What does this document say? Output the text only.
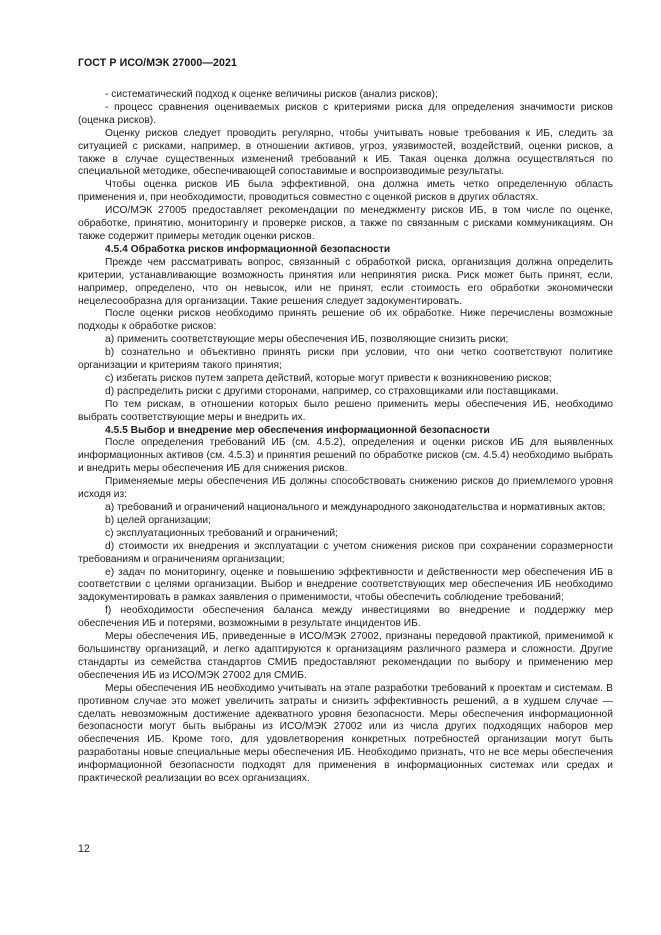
ГОСТ Р ИСО/МЭК 27000—2021

- систематический подход к оценке величины рисков (анализ рисков);

- процесс сравнения оцениваемых рисков с критериями риска для определения значимости рисков (оценка рисков).

Оценку рисков следует проводить регулярно, чтобы учитывать новые требования к ИБ, следить за ситуацией с рисками, например, в отношении активов, угроз, уязвимостей, воздействий, оценки рисков, а также в случае существенных изменений требований к ИБ. Такая оценка должна осуществляться по специальной методике, обеспечивающей сопоставимые и воспроизводимые результаты.

Чтобы оценка рисков ИБ была эффективной, она должна иметь четко определенную область применения и, при необходимости, проводиться совместно с оценкой рисков в других областях.

ИСО/МЭК 27005 предоставляет рекомендации по менеджменту рисков ИБ, в том числе по оценке, обработке, принятию, мониторингу и проверке рисков, а также по связанным с рисками коммуникациям. Он также содержит примеры методик оценки рисков.

4.5.4 Обработка рисков информационной безопасности

Прежде чем рассматривать вопрос, связанный с обработкой риска, организация должна определить критерии, устанавливающие возможность принятия или непринятия риска. Риск может быть принят, если, например, определено, что он невысок, или не принят, если стоимость его обработки экономически нецелесообразна для организации. Такие решения следует задокументировать.

После оценки рисков необходимо принять решение об их обработке. Ниже перечислены возможные подходы к обработке рисков:

a) применить соответствующие меры обеспечения ИБ, позволяющие снизить риски;

b) сознательно и объективно принять риски при условии, что они четко соответствуют политике организации и критериям такого принятия;

c) избегать рисков путем запрета действий, которые могут привести к возникновению рисков;

d) распределить риски с другими сторонами, например, со страховщиками или поставщиками.

По тем рискам, в отношении которых было решено применить меры обеспечения ИБ, необходимо выбрать соответствующие меры и внедрить их.

4.5.5 Выбор и внедрение мер обеспечения информационной безопасности

После определения требований ИБ (см. 4.5.2), определения и оценки рисков ИБ для выявленных информационных активов (см. 4.5.3) и принятия решений по обработке рисков (см. 4.5.4) необходимо выбрать и внедрить меры обеспечения ИБ для снижения рисков.

Применяемые меры обеспечения ИБ должны способствовать снижению рисков до приемлемого уровня исходя из:

a) требований и ограничений национального и международного законодательства и нормативных актов;

b) целей организации;

c) эксплуатационных требований и ограничений;

d) стоимости их внедрения и эксплуатации с учетом снижения рисков при сохранении соразмерности требованиям и ограничениям организации;

e) задач по мониторингу, оценке и повышению эффективности и действенности мер обеспечения ИБ в соответствии с целями организации. Выбор и внедрение соответствующих мер обеспечения ИБ необходимо задокументировать в рамках заявления о применимости, чтобы обеспечить соблюдение требований;

f) необходимости обеспечения баланса между инвестициями во внедрение и поддержку мер обеспечения ИБ и потерями, возможными в результате инцидентов ИБ.

Меры обеспечения ИБ, приведенные в ИСО/МЭК 27002, признаны передовой практикой, применимой к большинству организаций, и легко адаптируются к организациям различного размера и сложности. Другие стандарты из семейства стандартов СМИБ предоставляют рекомендации по выбору и применению мер обеспечения ИБ из ИСО/МЭК 27002 для СМИБ.

Меры обеспечения ИБ необходимо учитывать на этапе разработки требований к проектам и системам. В противном случае это может увеличить затраты и снизить эффективность решений, а в худшем случае — сделать невозможным достижение адекватного уровня безопасности. Меры обеспечения информационной безопасности могут быть выбраны из ИСО/МЭК 27002 или из числа других подходящих наборов мер обеспечения ИБ. Кроме того, для удовлетворения конкретных потребностей организации могут быть разработаны новые специальные меры обеспечения ИБ. Необходимо признать, что не все меры обеспечения информационной безопасности подходят для применения в информационных системах или средах и практической реализации во всех организациях.

12
